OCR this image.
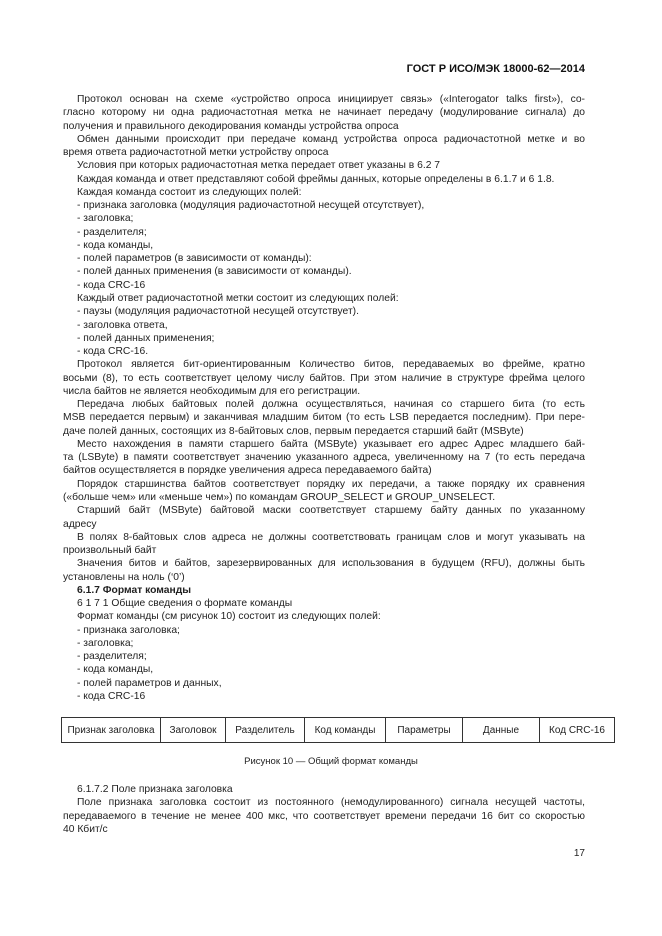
ГОСТ Р ИСО/МЭК 18000-62—2014
Протокол основан на схеме «устройство опроса инициирует связь» («Interogator talks first»), со-
гласно которому ни одна радиочастотная метка не начинает передачу (модулирование сигнала) до
получения и правильного декодирования команды устройства опроса
Обмен данными происходит при передаче команд устройства опроса радиочастотной метке и во
время ответа радиочастотной метки устройству опроса
Условия при которых радиочастотная метка передает ответ указаны в 6.2 7
Каждая команда и ответ представляют собой фреймы данных, которые определены в 6.1.7 и 6 1.8.
Каждая команда состоит из следующих полей:
- признака заголовка (модуляция радиочастотной несущей отсутствует),
- заголовка;
- разделителя;
- кода команды,
- полей параметров (в зависимости от команды):
- полей данных применения (в зависимости от команды).
- кода CRC-16
Каждый ответ радиочастотной метки состоит из следующих полей:
- паузы (модуляция радиочастотной несущей отсутствует).
- заголовка ответа,
- полей данных применения;
- кода CRC-16.
Протокол является бит-ориентированным Количество битов, передаваемых во фрейме, кратно
восьми (8), то есть соответствует целому числу байтов. При этом наличие в структуре фрейма целого
числа байтов не является необходимым для его регистрации.
Передача любых байтовых полей должна осуществляться, начиная со старшего бита (то есть
MSB передается первым) и заканчивая младшим битом (то есть LSB передается последним). При пере-
даче полей данных, состоящих из 8-байтовых слов, первым передается старший байт (MSByte)
Место нахождения в памяти старшего байта (MSByte) указывает его адрес Адрес младшего бай-
та (LSByte) в памяти соответствует значению указанного адреса, увеличенному на 7 (то есть передача
байтов осуществляется в порядке увеличения адреса передаваемого байта)
Порядок старшинства байтов соответствует порядку их передачи, а также порядку их сравнения
(«больше чем» или «меньше чем») по командам GROUP_SELECT и GROUP_UNSELECT.
Старший байт (MSByte) байтовой маски соответствует старшему байту данных по указанному
адресу
В полях 8-байтовых слов адреса не должны соответствовать границам слов и могут указывать на
произвольный байт
Значения битов и байтов, зарезервированных для использования в будущем (RFU), должны быть
установлены на ноль (‘0’)
6.1.7 Формат команды
6 1 7 1 Общие сведения о формате команды
Формат команды (см рисунок 10) состоит из следующих полей:
- признака заголовка;
- заголовка;
- разделителя;
- кода команды,
- полей параметров и данных,
- кода CRC-16
Признак заголовка	Заголовок	Разделитель	Код команды	Параметры	Данные	Код CRC-16
Рисунок 10 — Общий формат команды
6.1.7.2 Поле признака заголовка
Поле признака заголовка состоит из постоянного (немодулированного) сигнала несущей частоты,
передаваемого в течение не менее 400 мкс, что соответствует времени передачи 16 бит со скоростью
40 Кбит/с
17
